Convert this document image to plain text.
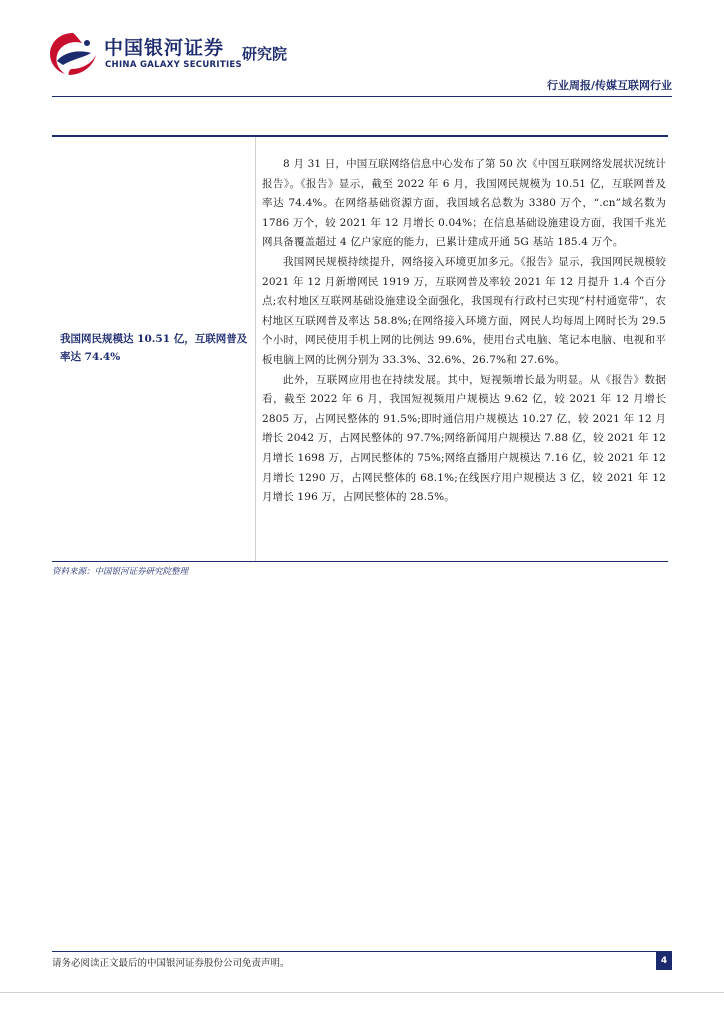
中国银河证券
CHINA GALAXY SECURITIES
研究院
行业周报/传媒互联网行业
我国网民规模达 10.51 亿，互联网普及率达 74.4%

8 月 31 日，中国互联网络信息中心发布了第 50 次《中国互联网络发展状况统计报告》。《报告》显示，截至 2022 年 6 月，我国网民规模为 10.51 亿，互联网普及率达 74.4%。在网络基础资源方面，我国域名总数为 3380 万个，“.cn”域名数为 1786 万个，较 2021 年 12 月增长 0.04%；在信息基础设施建设方面，我国千兆光网具备覆盖超过 4 亿户家庭的能力，已累计建成开通 5G 基站 185.4 万个。

我国网民规模持续提升，网络接入环境更加多元。《报告》显示，我国网民规模较 2021 年 12 月新增网民 1919 万，互联网普及率较 2021 年 12 月提升 1.4 个百分点;农村地区互联网基础设施建设全面强化，我国现有行政村已实现“村村通宽带”，农村地区互联网普及率达 58.8%;在网络接入环境方面，网民人均每周上网时长为 29.5 个小时，网民使用手机上网的比例达 99.6%，使用台式电脑、笔记本电脑、电视和平板电脑上网的比例分别为 33.3%、32.6%、26.7%和 27.6%。

此外，互联网应用也在持续发展。其中，短视频增长最为明显。从《报告》数据看，截至 2022 年 6 月，我国短视频用户规模达 9.62 亿，较 2021 年 12 月增长 2805 万，占网民整体的 91.5%;即时通信用户规模达 10.27 亿，较 2021 年 12 月增长 2042 万，占网民整体的 97.7%;网络新闻用户规模达 7.88 亿，较 2021 年 12 月增长 1698 万，占网民整体的 75%;网络直播用户规模达 7.16 亿，较 2021 年 12 月增长 1290 万，占网民整体的 68.1%;在线医疗用户规模达 3 亿，较 2021 年 12 月增长 196 万，占网民整体的 28.5%。

资料来源：中国银河证券研究院整理
请务必阅读正文最后的中国银河证券股份公司免责声明。	4
